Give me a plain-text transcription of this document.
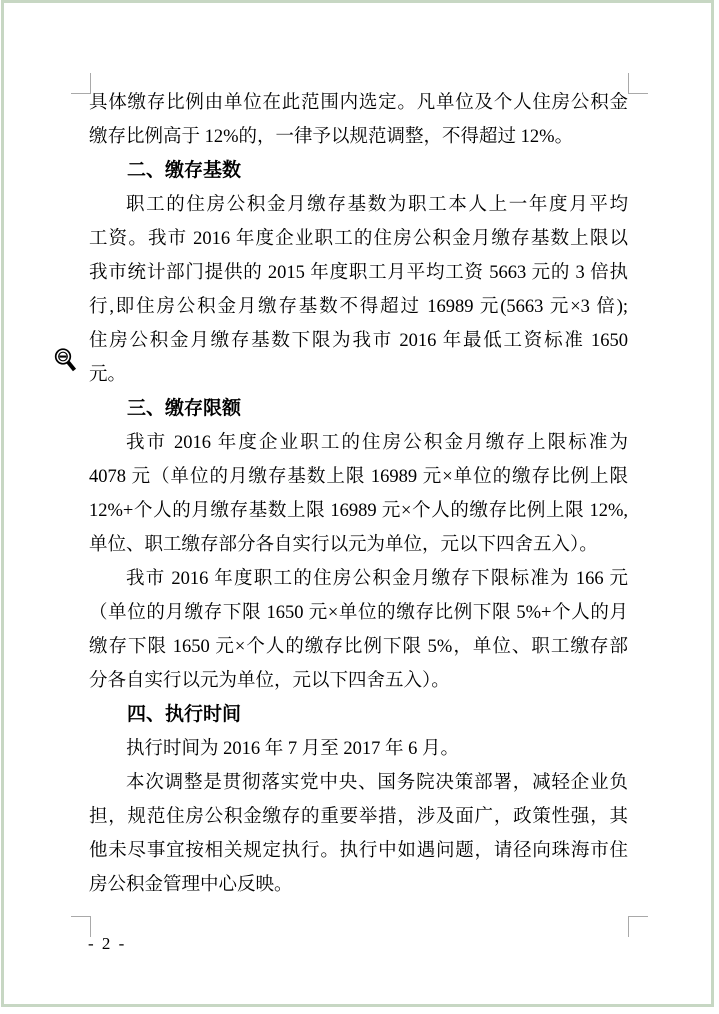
具体缴存比例由单位在此范围内选定。凡单位及个人住房公积金
缴存比例高于 12%的，一律予以规范调整，不得超过 12%。
二、缴存基数
职工的住房公积金月缴存基数为职工本人上一年度月平均
工资。我市 2016 年度企业职工的住房公积金月缴存基数上限以
我市统计部门提供的 2015 年度职工月平均工资 5663 元的 3 倍执
行,即住房公积金月缴存基数不得超过 16989 元(5663 元×3 倍);
住房公积金月缴存基数下限为我市 2016 年最低工资标准 1650
元。
三、缴存限额
我市 2016 年度企业职工的住房公积金月缴存上限标准为
4078 元（单位的月缴存基数上限 16989 元×单位的缴存比例上限
12%+个人的月缴存基数上限 16989 元×个人的缴存比例上限 12%,
单位、职工缴存部分各自实行以元为单位，元以下四舍五入）。
我市 2016 年度职工的住房公积金月缴存下限标准为 166 元
（单位的月缴存下限 1650 元×单位的缴存比例下限 5%+个人的月
缴存下限 1650 元×个人的缴存比例下限 5%，单位、职工缴存部
分各自实行以元为单位，元以下四舍五入）。
四、执行时间
执行时间为 2016 年 7 月至 2017 年 6 月。
本次调整是贯彻落实党中央、国务院决策部署，减轻企业负
担，规范住房公积金缴存的重要举措，涉及面广，政策性强，其
他未尽事宜按相关规定执行。执行中如遇问题，请径向珠海市住
房公积金管理中心反映。
- 2 -
